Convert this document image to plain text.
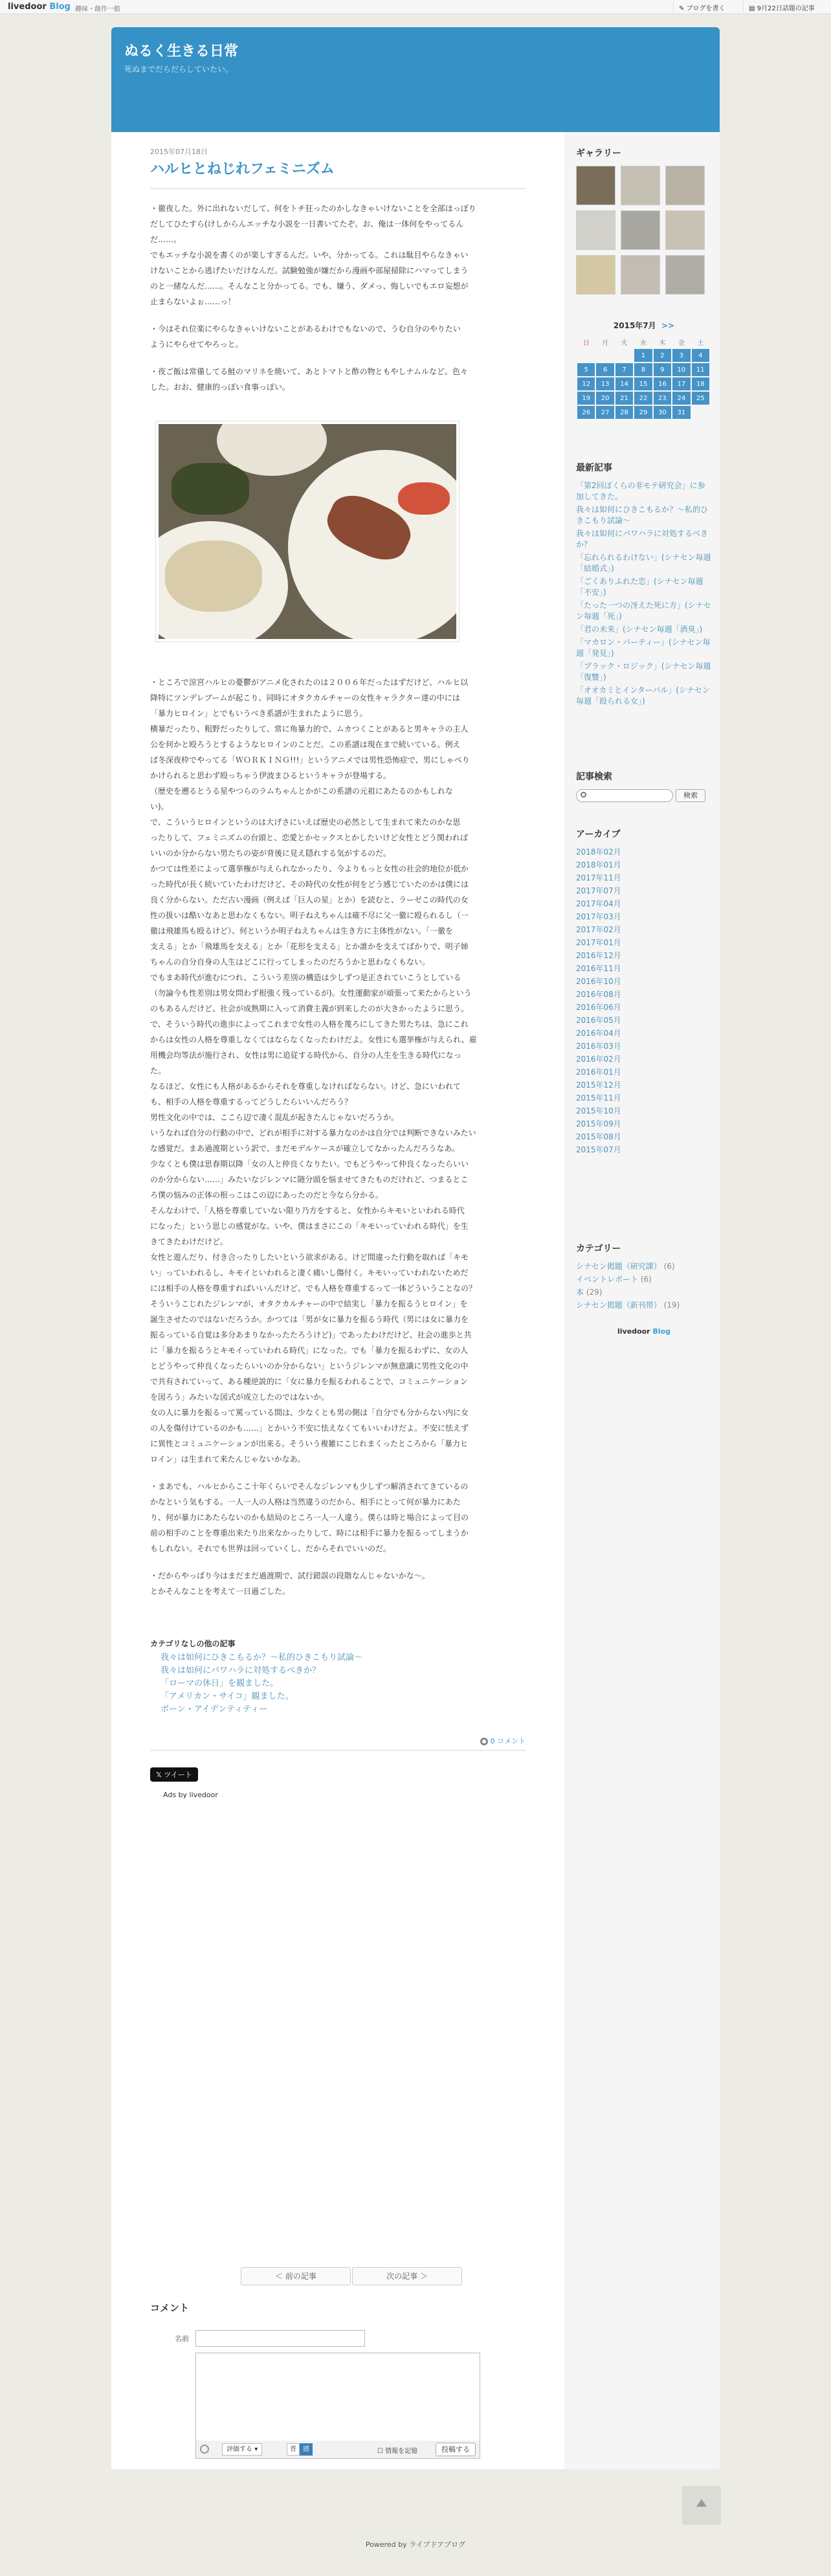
livedoor Blog 趣味・創作一般	✎ ブログを書く	▤ 9月22日話題の記事
ぬるく生きる日常
死ぬまでだらだらしていたい。
2015年07月18日
ハルヒとねじれフェミニズム
・徹夜した。外に出れないだして、何をトチ狂ったのかしなきゃいけないことを全部ほっぽり
だしてひたすら(けしからんエッチな小説を一日書いてたぞ。お、俺は一体何をやってるん
だ……。
でもエッチな小説を書くのが楽しすぎるんだ。いや、分かってる。これは駄目やらなきゃい
けないことから逃げたいだけなんだ。試験勉強が嫌だから漫画や部屋掃除にハマってしまう
のと一緒なんだ……。そんなこと分かってる。でも、嫌う、ダメっ、悔しいでもエロ妄想が
止まらないよぉ……っ！
・今はそれ位楽にやらなきゃいけないことがあるわけでもないので、うむ自分のやりたい
ようにやらせてやろっと。
・夜ご飯は常備してる鮭のマリネを焼いて、あとトマトと酢の物ともやしナムルなど。色々
した。おお、健康的っぽい食事っぽい。
・ところで涼宮ハルヒの憂鬱がアニメ化されたのは２００６年だったはずだけど、ハルヒ以
降特にツンデレブームが起こり、同時にオタクカルチャーの女性キャラクター達の中には
「暴力ヒロイン」とでもいうべき系譜が生まれたように思う。
横暴だったり、粗野だったりして、常に角暴力的で、ムカつくことがあると男キャラの主人
公を何かと殴ろうとするようなヒロインのことだ。この系譜は現在まで続いている。例え
ば冬深夜枠でやってる「ＷＯＲＫＩＮＧ!!!」というアニメでは男性恐怖症で、男にしゃべり
かけられると思わず殴っちゃう伊波まひるというキャラが登場する。
（歴史を遡るとうる星やつらのラムちゃんとかがこの系譜の元祖にあたるのかもしれな
い)。
で、こういうヒロインというのは大げさにいえば歴史の必然として生まれて来たのかな思
ったりして、フェミニズムの台頭と、恋愛とかセックスとかしたいけど女性とどう関われば
いいのか分からない男たちの姿が背後に見え隠れする気がするのだ。
かつては性差によって選挙権が与えられなかったり、今よりもっと女性の社会的地位が低か
った時代が長く続いていたわけだけど、その時代の女性が何をどう感じていたのかは僕には
良く分からない。ただ古い漫画（例えば「巨人の星」とか）を読むと、ラーゼこの時代の女
性の扱いは酷いなあと思わなくもない。明子ねえちゃんは確不尽に父一徹に殴られるし（一
徹は飛雄馬も殴るけど）、何というか明子ねえちゃんは生き方に主体性がない。「一徹を
支える」とか「飛雄馬を支える」とか「花形を支える」とか誰かを支えてばかりで、明子姉
ちゃんの自分自身の人生はどこに行ってしまったのだろうかと思わなくもない。
でもまあ時代が進むにつれ、こういう差別の構造は少しずつ是正されていこうとしている
（勿論今も性差別は男女問わず根強く残っているが)。女性運動家が頑張って来たからという
のもあるんだけど、社会が成熟期に入って消費主義が到来したのが大きかったように思う。
で、そういう時代の進歩によってこれまで女性の人格を蔑ろにしてきた男たちは、急にこれ
からは女性の人格を尊重しなくてはならなくなったわけだよ。女性にも選挙権が与えられ、雇
用機会均等法が施行され、女性は男に追従する時代から、自分の人生を生きる時代になっ
た。
なるほど、女性にも人格があるからそれを尊重しなければならない。けど、急にいわれて
も、相手の人格を尊重するってどうしたらいいんだろう？
男性文化の中では、ここら辺で凄く混乱が起きたんじゃないだろうか。
いうなれば自分の行動の中で、どれが相手に対する暴力なのかは自分では判断できないみたい
な感覚だ。まあ過渡期という訳で、まだモデルケースが確立してなかったんだろうなあ。
少なくとも僕は思春期以降「女の人と仲良くなりたい。でもどうやって仲良くなったらいい
のか分からない……」みたいなジレンマに随分頭を悩ませてきたものだけれど、つまるとこ
ろ僕の悩みの正体の根っこはこの辺にあったのだと今なら分かる。
そんなわけで、「人格を尊重していない限り乃方をすると、女性からキモいといわれる時代
になった」という思じの感覚がな。いや、僕はまさにこの「キモいっていわれる時代」を生
きてきたわけだけど。
女性と遊んだり、付き合ったりしたいという欲求がある。けど間違った行動を取れば「キモ
い」っていわれるし、キモイといわれると凄く痛いし傷付く。キモいっていわれないためだ
には相手の人格を尊重すればいいんだけど、でも人格を尊重するって一体どういうことなの？
そういうこじれたジレンマが、オタクカルチャーの中で結実し「暴力を振るうヒロイン」を
誕生させたのではないだろうか。かつては「男が女に暴力を振るう時代（男には女に暴力を
振るっている自覚は多分あまりなかったたろうけど)」であったわけだけど、社会の進歩と共
に「暴力を振るうとキモイっていわれる時代」になった。でも「暴力を振るわずに、女の人
とどうやって仲良くなったらいいのか分からない」というジレンマが無意識に男性文化の中
で共有されていって、ある種逆説的に「女に暴力を振るわれることで、コミュニケーション
を図ろう」みたいな図式が成立したのではないか。
女の人に暴力を振るって罵っている間は、少なくとも男の側は「自分でも分からない内に女
の人を傷付けているのかも……」とかいう不安に怯えなくてもいいわけだよ。不安に怯えず
に異性とコミュニケーションが出来る。そういう複雑にこじれまくったところから「暴力ヒ
ロイン」は生まれて来たんじゃないかなあ。
・まあでも、ハルヒからここ十年くらいでそんなジレンマも少しずつ解消されてきているの
かなという気もする。一人一人の人格は当然違うのだから、相手にとって何が暴力にあた
り、何が暴力にあたらないのかも結局のところ一人一人違う。僕らは時と場合によって目の
前の相手のことを尊重出来たり出来なかったりして、時には相手に暴力を振るってしまうか
もしれない。それでも世界は回っていくし、だからそれでいいのだ。
・だからやっぱり今はまだまだ過渡期で、試行錯誤の段階なんじゃないかな～。
とかそんなことを考えて一日過ごした。
カテゴリなしの他の記事
我々は如何にひきこもるか？～私的ひきこもり試論～
我々は如何にパワハラに対処するべきか？
「ローマの休日」を観ました。
「アメリカン・サイコ」観ました。
ボーン・アイデンティティー
0 コメント
𝕏 ツイート
Ads by livedoor
＜ 前の記事	次の記事 ＞
コメント
名前
評価する ▾	普	感	☐ 情報を記憶	投稿する
ギャラリー
2015年7月 >>
日	月	火	水	木	金	土
			1	2	3	4
5	6	7	8	9	10	11
12	13	14	15	16	17	18
19	20	21	22	23	24	25
26	27	28	29	30	31	
最新記事
「第2回ぼくらの非モテ研究会」に参加してきた。
我々は如何にひきこもるか？～私的ひきこもり試論～
我々は如何にパワハラに対処するべきか？
「忘れられるわけない」(シナセン毎週「結婚式」)
「ごくありふれた恋」(シナセン毎週「不安」)
「たった一つの冴えた死に方」(シナセン毎週「死」)
「君の未来」(シナセン毎週「酒臭」)
「マカロン・パーティー」(シナセン毎週「発見」)
「プラック・ロジック」(シナセン毎週「復讐」)
「オオカミとインターバル」(シナセン毎週「殴られる女」)
記事検索
検索
アーカイブ
2018年02月
2018年01月
2017年11月
2017年07月
2017年04月
2017年03月
2017年02月
2017年01月
2016年12月
2016年11月
2016年10月
2016年08月
2016年06月
2016年05月
2016年04月
2016年03月
2016年02月
2016年01月
2015年12月
2015年11月
2015年10月
2015年09月
2015年08月
2015年07月
カテゴリー
シナセン掲題（研究課） (6)
イベントレポート (6)
本 (29)
シナセン掲題（新刊帯） (19)
livedoor Blog
Powered by ライブドアブログ
